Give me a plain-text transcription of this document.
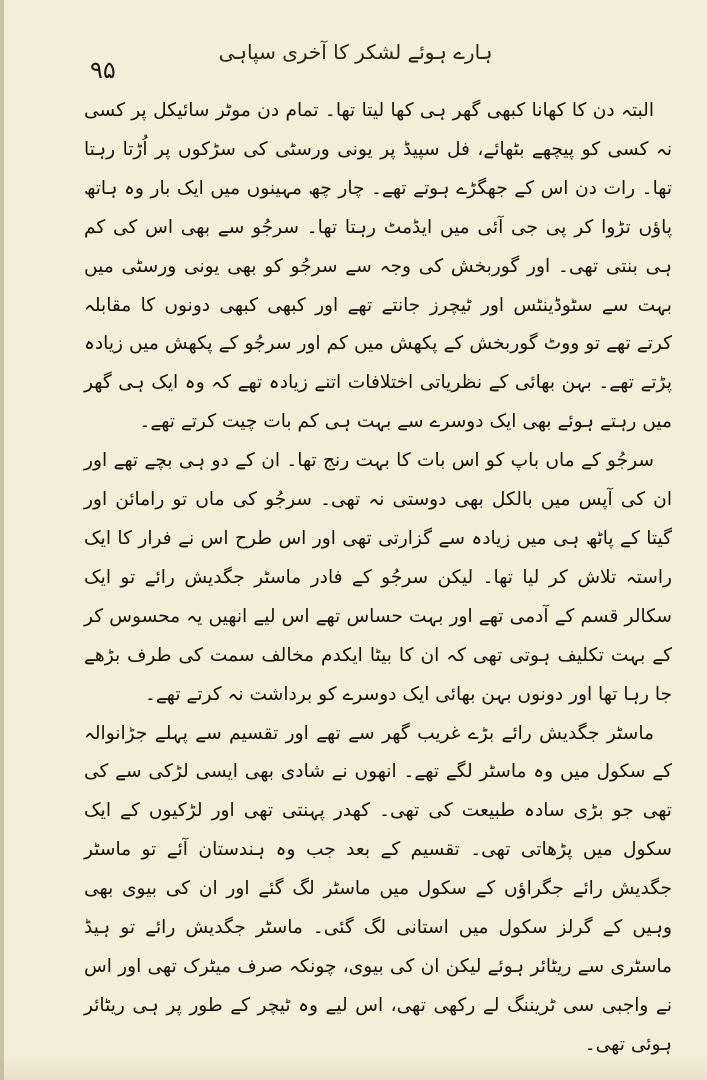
ہارے ہوئے لشکر کا آخری سپاہی
۹۵

البتہ دن کا کھانا کبھی گھر ہی کھا لیتا تھا۔ تمام دن موٹر سائیکل پر کسی نہ کسی کو پیچھے بٹھائے، فل سپیڈ پر یونی ورسٹی کی سڑکوں پر اُڑتا رہتا تھا۔ رات دن اس کے جھگڑے ہوتے تھے۔ چار چھ مہینوں میں ایک بار وہ ہاتھ پاؤں تڑوا کر پی جی آئی میں ایڈمٹ رہتا تھا۔ سرجُو سے بھی اس کی کم ہی بنتی تھی۔ اور گوربخش کی وجہ سے سرجُو کو بھی یونی ورسٹی میں بہت سے سٹوڈینٹس اور ٹیچرز جانتے تھے اور کبھی کبھی دونوں کا مقابلہ کرتے تھے تو ووٹ گوربخش کے پکھش میں کم اور سرجُو کے پکھش میں زیادہ پڑتے تھے۔ بہن بھائی کے نظریاتی اختلافات اتنے زیادہ تھے کہ وہ ایک ہی گھر میں رہتے ہوئے بھی ایک دوسرے سے بہت ہی کم بات چیت کرتے تھے۔

سرجُو کے ماں باپ کو اس بات کا بہت رنج تھا۔ ان کے دو ہی بچے تھے اور ان کی آپس میں بالکل بھی دوستی نہ تھی۔ سرجُو کی ماں تو رامائن اور گیتا کے پاٹھ ہی میں زیادہ سے گزارتی تھی اور اس طرح اس نے فرار کا ایک راستہ تلاش کر لیا تھا۔ لیکن سرجُو کے فادر ماسٹر جگدیش رائے تو ایک سکالر قسم کے آدمی تھے اور بہت حساس تھے اس لیے انھیں یہ محسوس کر کے بہت تکلیف ہوتی تھی کہ ان کا بیٹا ایکدم مخالف سمت کی طرف بڑھے جا رہا تھا اور دونوں بہن بھائی ایک دوسرے کو برداشت نہ کرتے تھے۔

ماسٹر جگدیش رائے بڑے غریب گھر سے تھے اور تقسیم سے پہلے جڑانوالہ کے سکول میں وہ ماسٹر لگے تھے۔ انھوں نے شادی بھی ایسی لڑکی سے کی تھی جو بڑی سادہ طبیعت کی تھی۔ کھدر پہنتی تھی اور لڑکیوں کے ایک سکول میں پڑھاتی تھی۔ تقسیم کے بعد جب وہ ہندستان آئے تو ماسٹر جگدیش رائے جگراؤں کے سکول میں ماسٹر لگ گئے اور ان کی بیوی بھی وہیں کے گرلز سکول میں استانی لگ گئی۔ ماسٹر جگدیش رائے تو ہیڈ ماسٹری سے ریٹائر ہوئے لیکن ان کی بیوی، چونکہ صرف میٹرک تھی اور اس نے واجبی سی ٹریننگ لے رکھی تھی، اس لیے وہ ٹیچر کے طور پر ہی ریٹائر ہوئی تھی۔
